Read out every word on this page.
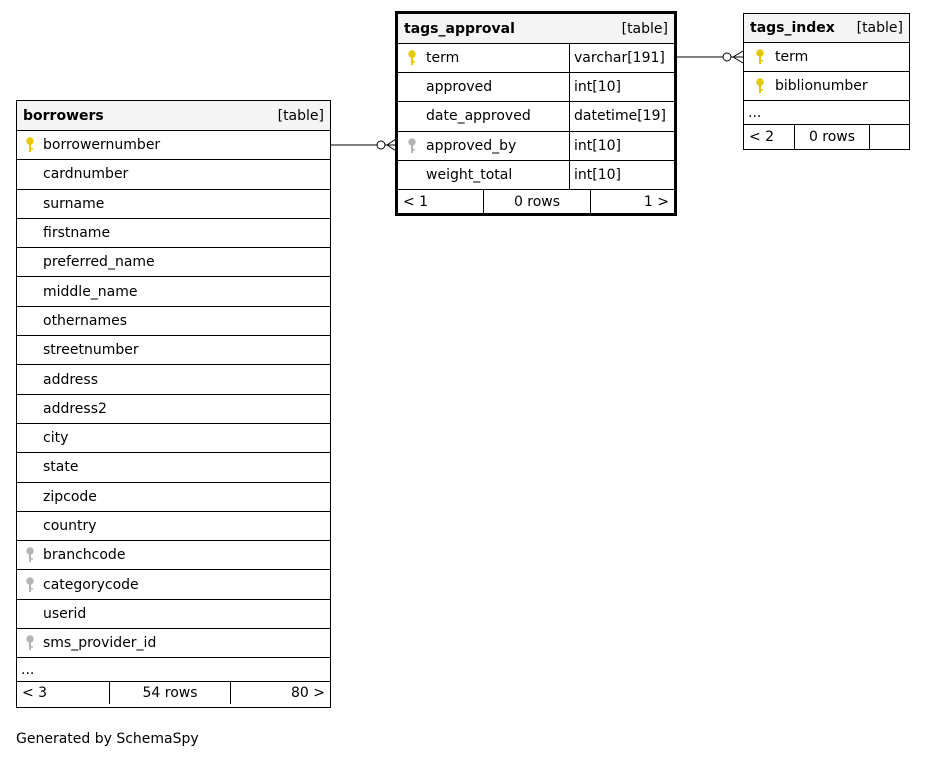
borrowers	[table]
borrowernumber
cardnumber
surname
firstname
preferred_name
middle_name
othernames
streetnumber
address
address2
city
state
zipcode
country
branchcode
categorycode
userid
sms_provider_id
...
< 3	54 rows	80 >
tags_approval	[table]
term	varchar[191]
approved	int[10]
date_approved	datetime[19]
approved_by	int[10]
weight_total	int[10]
< 1	0 rows	1 >
tags_index [table]
term
biblionumber
...
< 2	0 rows
Generated by SchemaSpy
